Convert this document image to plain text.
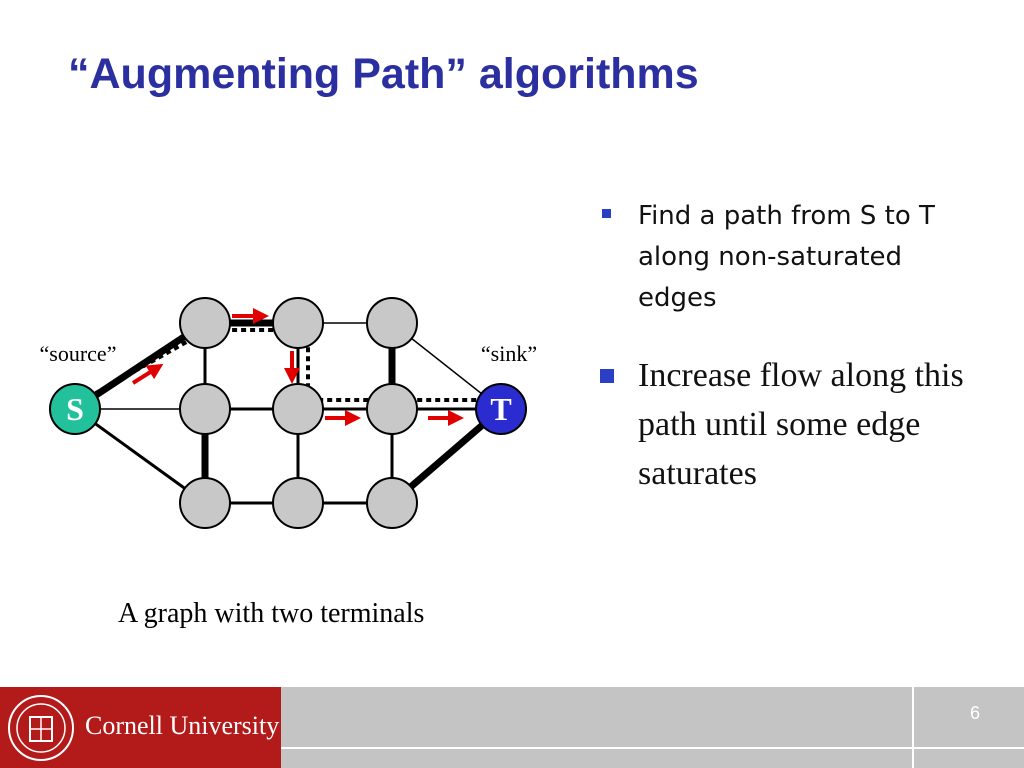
“Augmenting Path” algorithms
S	T
“source”	“sink”
A graph with two terminals
Find a path from S to T along non-saturated edges
Increase flow along this path until some edge saturates
Cornell University	6
